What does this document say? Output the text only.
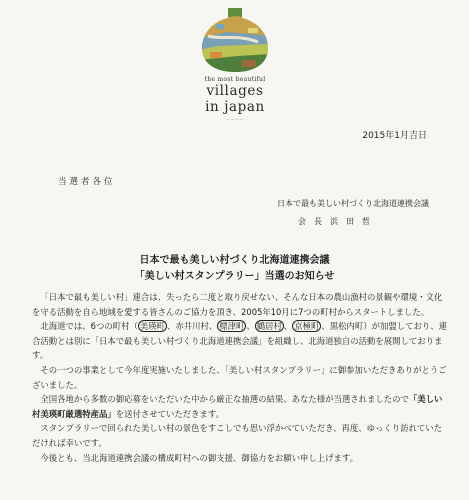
the most beautiful
villages
in japan
— — — —
2015年1月吉日
当選者各位
日本で最も美しい村づくり北海道連携会議
会　長　浜　田　哲
日本で最も美しい村づくり北海道連携会議
「美しい村スタンプラリー」当選のお知らせ

「日本で最も美しい村」連合は、失ったら二度と取り戻せない、そんな日本の農山漁村の景観や環境・文化を守る活動を自ら地域を愛する皆さんのご協力を頂き、2005年10月に7つの町村からスタートしました。

北海道では、6つの町村（ 美瑛町 、赤井川村、 標津町 、 鶴居村 、 京極町 、黒松内町）が加盟しており、連合活動とは別に「日本で最も美しい村づくり北海道連携会議」を組織し、北海道独自の活動を展開しております。

その一つの事業として今年度実施いたしました、「美しい村スタンプラリー」に御参加いただきありがとうございました。

全国各地から多数の御応募をいただいた中から厳正な抽選の結果、あなた様が当選されましたので「美しい村美瑛町厳選特産品」を送付させていただきます。

スタンプラリーで回られた美しい村の景色をすこしでも思い浮かべていただき、再度、ゆっくり訪れていただければ幸いです。

今後とも、当北海道連携会議の構成町村への御支援、御協力をお願い申し上げます。
